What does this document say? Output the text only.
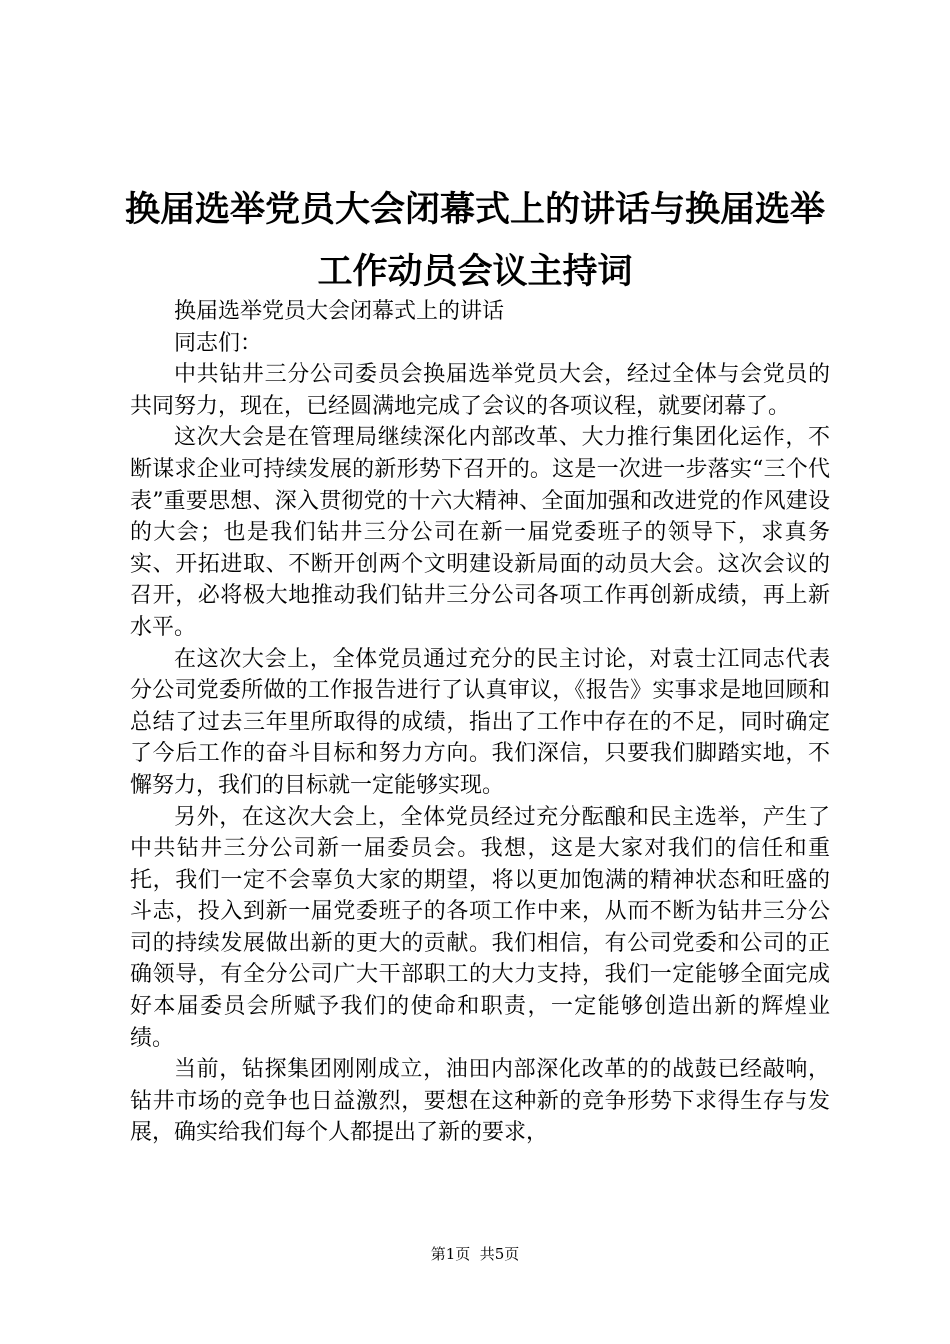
换届选举党员大会闭幕式上的讲话与换届选举
工作动员会议主持词

换届选举党员大会闭幕式上的讲话

同志们：

中共钻井三分公司委员会换届选举党员大会，经过全体与会党员的共同努力，现在，已经圆满地完成了会议的各项议程，就要闭幕了。

这次大会是在管理局继续深化内部改革、大力推行集团化运作，不断谋求企业可持续发展的新形势下召开的。这是一次进一步落实“三个代表”重要思想、深入贯彻党的十六大精神、全面加强和改进党的作风建设的大会；也是我们钻井三分公司在新一届党委班子的领导下，求真务实、开拓进取、不断开创两个文明建设新局面的动员大会。这次会议的召开，必将极大地推动我们钻井三分公司各项工作再创新成绩，再上新水平。

在这次大会上，全体党员通过充分的民主讨论，对袁士江同志代表分公司党委所做的工作报告进行了认真审议，《报告》实事求是地回顾和总结了过去三年里所取得的成绩，指出了工作中存在的不足，同时确定了今后工作的奋斗目标和努力方向。我们深信，只要我们脚踏实地，不懈努力，我们的目标就一定能够实现。

另外，在这次大会上，全体党员经过充分酝酿和民主选举，产生了中共钻井三分公司新一届委员会。我想，这是大家对我们的信任和重托，我们一定不会辜负大家的期望，将以更加饱满的精神状态和旺盛的斗志，投入到新一届党委班子的各项工作中来，从而不断为钻井三分公司的持续发展做出新的更大的贡献。我们相信，有公司党委和公司的正确领导，有全分公司广大干部职工的大力支持，我们一定能够全面完成好本届委员会所赋予我们的使命和职责，一定能够创造出新的辉煌业绩。

当前，钻探集团刚刚成立，油田内部深化改革的的战鼓已经敲响，钻井市场的竞争也日益激烈，要想在这种新的竞争形势下求得生存与发展，确实给我们每个人都提出了新的要求，

第1页  共5页
